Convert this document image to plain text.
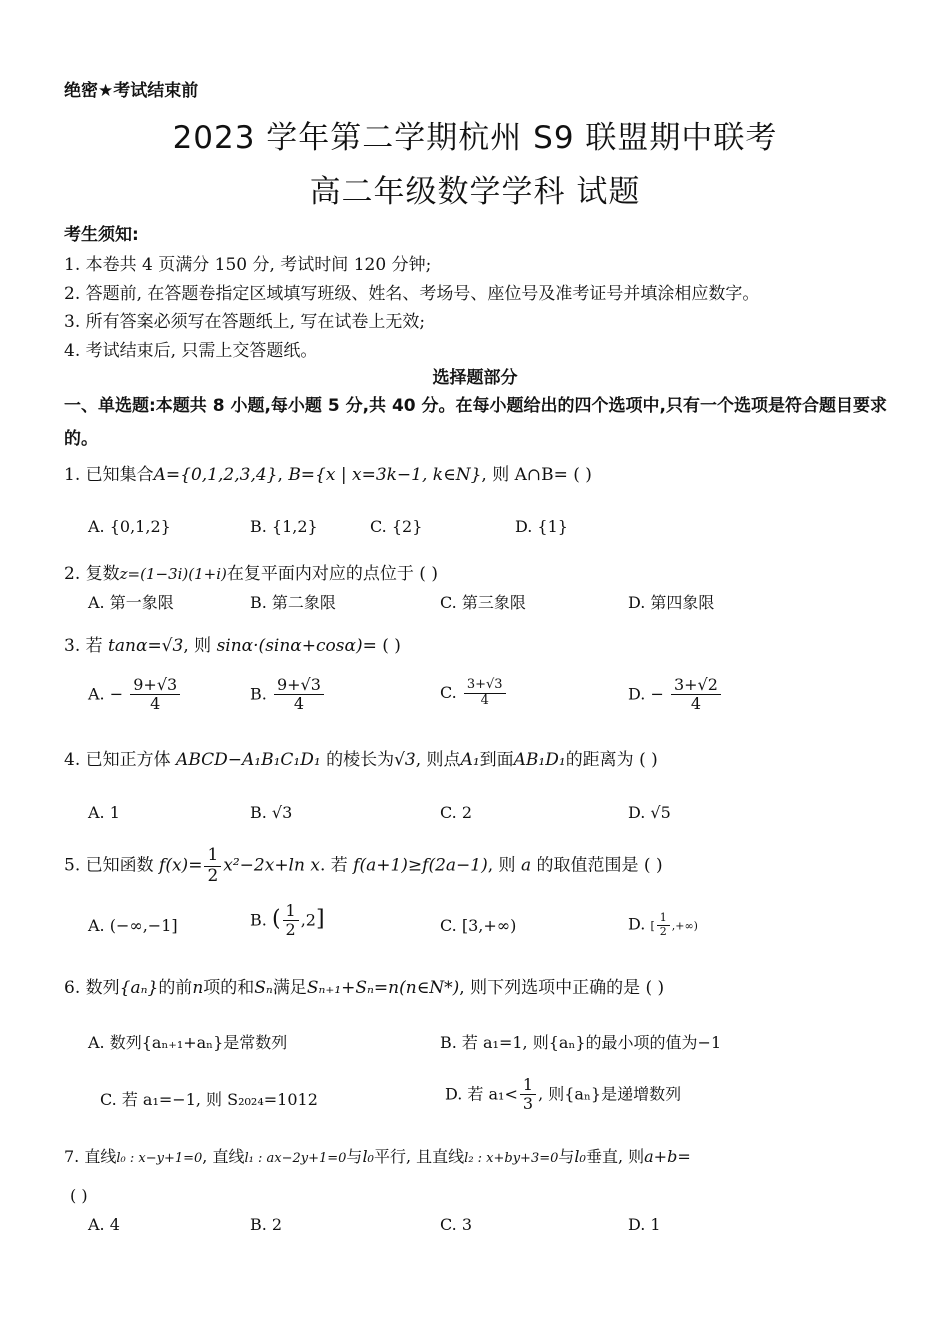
绝密★考试结束前
2023 学年第二学期杭州 S9 联盟期中联考
高二年级数学学科 试题
考生须知:
1. 本卷共 4 页满分 150 分, 考试时间 120 分钟;
2. 答题前, 在答题卷指定区域填写班级、姓名、考场号、座位号及准考证号并填涂相应数字。
3. 所有答案必须写在答题纸上, 写在试卷上无效;
4. 考试结束后, 只需上交答题纸。
选择题部分
一、单选题:本题共 8 小题,每小题 5 分,共 40 分。在每小题给出的四个选项中,只有一个选项是符合题目要求的。
1. 已知集合A={0,1,2,3,4}, B={x | x=3k−1, k∈N}, 则 A∩B= ( )
A. {0,1,2}	B. {1,2}	C. {2}	D. {1}
2. 复数z=(1−3i)(1+i)在复平面内对应的点位于 ( )
A. 第一象限	B. 第二象限	C. 第三象限	D. 第四象限
3. 若 tanα=√3, 则 sinα·(sinα+cosα)= ( )
A. − $\frac{9+√3}{4}$	B. $\frac{9+√3}{4}$	C. $\frac{3+√3}{4}$	D. − $\frac{3+√2}{4}$
4. 已知正方体 ABCD−A₁B₁C₁D₁ 的棱长为√3, 则点A₁到面AB₁D₁的距离为 ( )
A. 1	B. √3	C. 2	D. √5
5. 已知函数 $f(x)= \frac{1}{2} x^2-2x+\ln$ x. 若 f(a+1)≥f(2a−1), 则 a 的取值范围是 ( )
A. (−∞,−1]	B. ( $\frac{1}{2} ,2$]	C. [3,+∞)	D. [ $\frac{1}{2}$ ,+∞)
6. 数列{aₙ}的前n项的和Sₙ满足Sₙ₊₁+Sₙ=n(n∈N*), 则下列选项中正确的是 ( )
A. 数列{aₙ₊₁+aₙ}是常数列	B. 若 a₁=1, 则{aₙ}的最小项的值为−1
C. 若 a₁=−1, 则 S₂₀₂₄=1012	D. 若 $a_1< \frac{1}{3}$ , 则{aₙ}是递增数列
7. 直线l₀ : x−y+1=0, 直线l₁ : ax−2y+1=0与l₀平行, 且直线l₂ : x+by+3=0与l₀垂直, 则a+b=
( )
A. 4	B. 2	C. 3	D. 1
